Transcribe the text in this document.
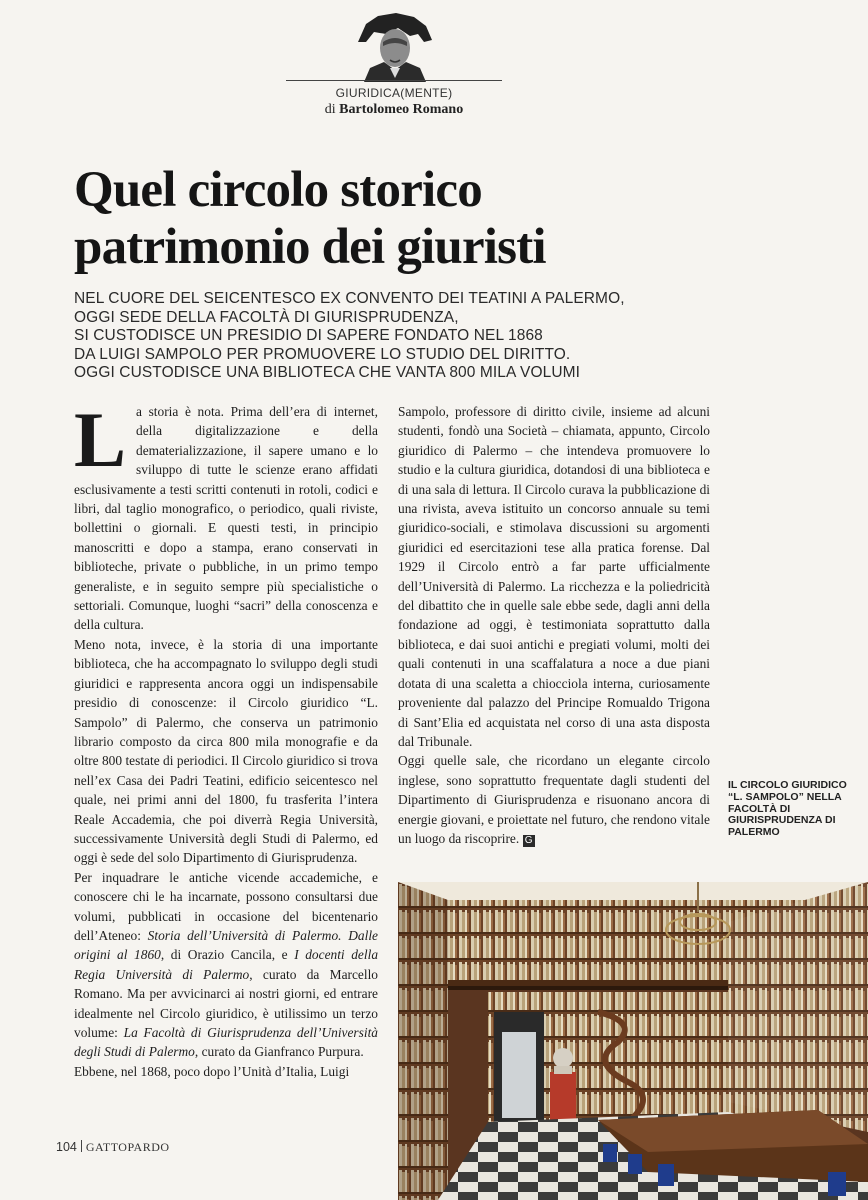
GIURIDICA(MENTE)
di Bartolomeo Romano
Quel circolo storico
patrimonio dei giuristi
NEL CUORE DEL SEICENTESCO EX CONVENTO DEI TEATINI A PALERMO,
OGGI SEDE DELLA FACOLTÀ DI GIURISPRUDENZA,
SI CUSTODISCE UN PRESIDIO DI SAPERE FONDATO NEL 1868
DA LUIGI SAMPOLO PER PROMUOVERE LO STUDIO DEL DIRITTO.
OGGI CUSTODISCE UNA BIBLIOTECA CHE VANTA 800 MILA VOLUMI

La storia è nota. Prima dell’era di internet, della digitalizzazione e della dematerializzazione, il sapere umano e lo sviluppo di tutte le scienze erano affidati esclusivamente a testi scritti contenuti in rotoli, codici e libri, dal taglio monografico, o periodico, quali riviste, bollettini o giornali. E questi testi, in principio manoscritti e dopo a stampa, erano conservati in biblioteche, private o pubbliche, in un primo tempo generaliste, e in seguito sempre più specialistiche o settoriali. Comunque, luoghi “sacri” della conoscenza e della cultura.

Meno nota, invece, è la storia di una importante biblioteca, che ha accompagnato lo sviluppo degli studi giuridici e rappresenta ancora oggi un indispensabile presidio di conoscenze: il Circolo giuridico “L. Sampolo” di Palermo, che conserva un patrimonio librario composto da circa 800 mila monografie e da oltre 800 testate di periodici. Il Circolo giuridico si trova nell’ex Casa dei Padri Teatini, edificio seicentesco nel quale, nei primi anni del 1800, fu trasferita l’intera Reale Accademia, che poi diverrà Regia Università, successivamente Università degli Studi di Palermo, ed oggi è sede del solo Dipartimento di Giurisprudenza.

Per inquadrare le antiche vicende accademiche, e conoscere chi le ha incarnate, possono consultarsi due volumi, pubblicati in occasione del bicentenario dell’Ateneo: Storia dell’Università di Palermo. Dalle origini al 1860, di Orazio Cancila, e I docenti della Regia Università di Palermo, curato da Marcello Romano. Ma per avvicinarci ai nostri giorni, ed entrare idealmente nel Circolo giuridico, è utilissimo un terzo volume: La Facoltà di Giurisprudenza dell’Università degli Studi di Palermo, curato da Gianfranco Purpura.

Ebbene, nel 1868, poco dopo l’Unità d’Italia, Luigi

Sampolo, professore di diritto civile, insieme ad alcuni studenti, fondò una Società – chiamata, appunto, Circolo giuridico di Palermo – che intendeva promuovere lo studio e la cultura giuridica, dotandosi di una biblioteca e di una sala di lettura. Il Circolo curava la pubblicazione di una rivista, aveva istituito un concorso annuale su temi giuridico-sociali, e stimolava discussioni su argomenti giuridici ed esercitazioni tese alla pratica forense. Dal 1929 il Circolo entrò a far parte ufficialmente dell’Università di Palermo. La ricchezza e la poliedricità del dibattito che in quelle sale ebbe sede, dagli anni della fondazione ad oggi, è testimoniata soprattutto dalla biblioteca, e dai suoi antichi e pregiati volumi, molti dei quali contenuti in una scaffalatura a noce a due piani dotata di una scaletta a chiocciola interna, curiosamente proveniente dal palazzo del Principe Romualdo Trigona di Sant’Elia ed acquistata nel corso di una asta disposta dal Tribunale.

Oggi quelle sale, che ricordano un elegante circolo inglese, sono soprattutto frequentate dagli studenti del Dipartimento di Giurisprudenza e risuonano ancora di energie giovani, e proiettate nel futuro, che rendono vitale un luogo da riscoprire. G

IL CIRCOLO GIURIDICO “L. SAMPOLO” NELLA FACOLTÀ DI GIURISPRUDENZA DI PALERMO
104 GATTOPARDO
